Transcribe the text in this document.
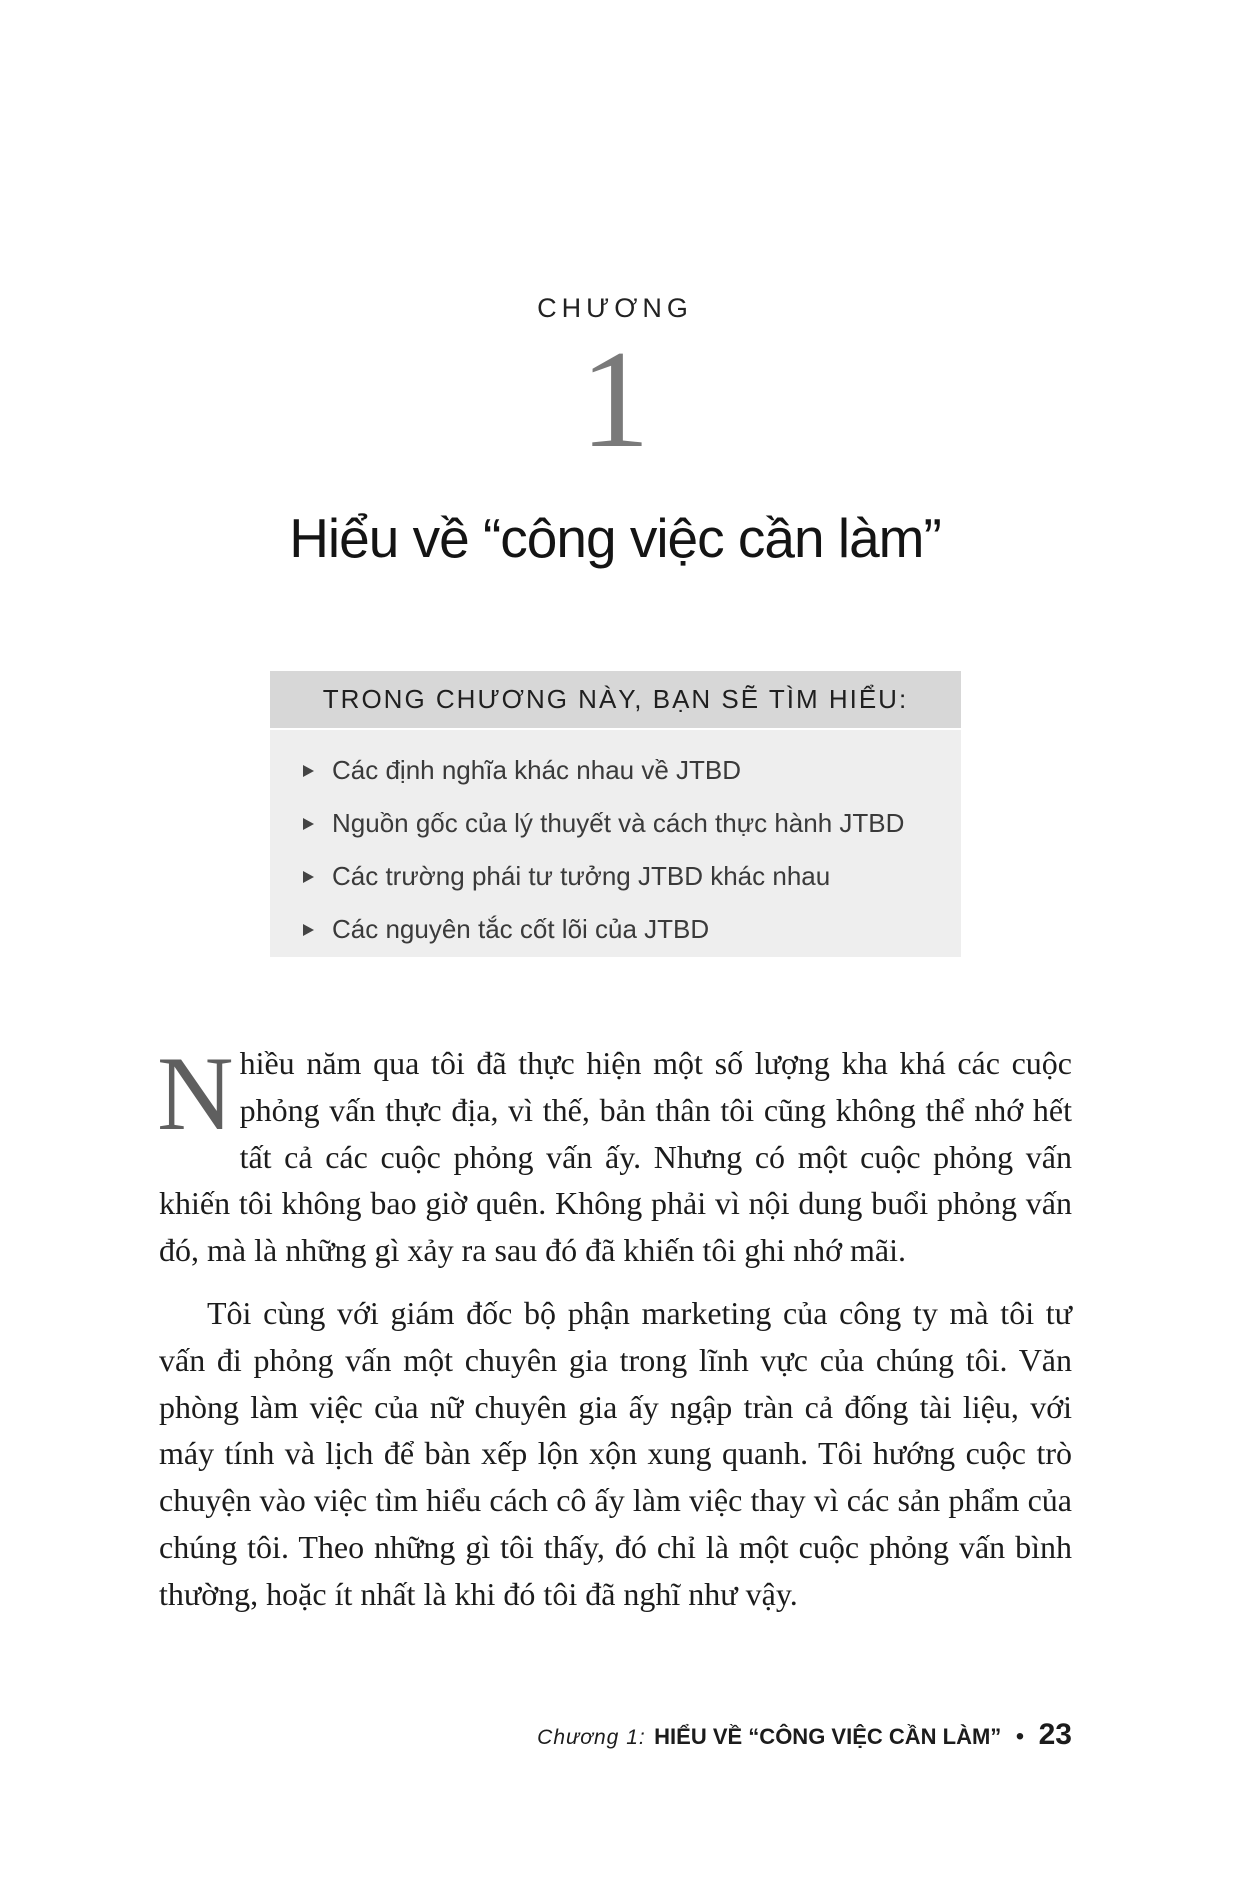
CHƯƠNG
1
Hiểu về “công việc cần làm”
TRONG CHƯƠNG NÀY, BẠN SẼ TÌM HIỂU:
Các định nghĩa khác nhau về JTBD
Nguồn gốc của lý thuyết và cách thực hành JTBD
Các trường phái tư tưởng JTBD khác nhau
Các nguyên tắc cốt lõi của JTBD

Nhiều năm qua tôi đã thực hiện một số lượng kha khá các cuộc phỏng vấn thực địa, vì thế, bản thân tôi cũng không thể nhớ hết tất cả các cuộc phỏng vấn ấy. Nhưng có một cuộc phỏng vấn khiến tôi không bao giờ quên. Không phải vì nội dung buổi phỏng vấn đó, mà là những gì xảy ra sau đó đã khiến tôi ghi nhớ mãi.

Tôi cùng với giám đốc bộ phận marketing của công ty mà tôi tư vấn đi phỏng vấn một chuyên gia trong lĩnh vực của chúng tôi. Văn phòng làm việc của nữ chuyên gia ấy ngập tràn cả đống tài liệu, với máy tính và lịch để bàn xếp lộn xộn xung quanh. Tôi hướng cuộc trò chuyện vào việc tìm hiểu cách cô ấy làm việc thay vì các sản phẩm của chúng tôi. Theo những gì tôi thấy, đó chỉ là một cuộc phỏng vấn bình thường, hoặc ít nhất là khi đó tôi đã nghĩ như vậy.

Chương 1: HIỂU VỀ “CÔNG VIỆC CẦN LÀM” • 23
